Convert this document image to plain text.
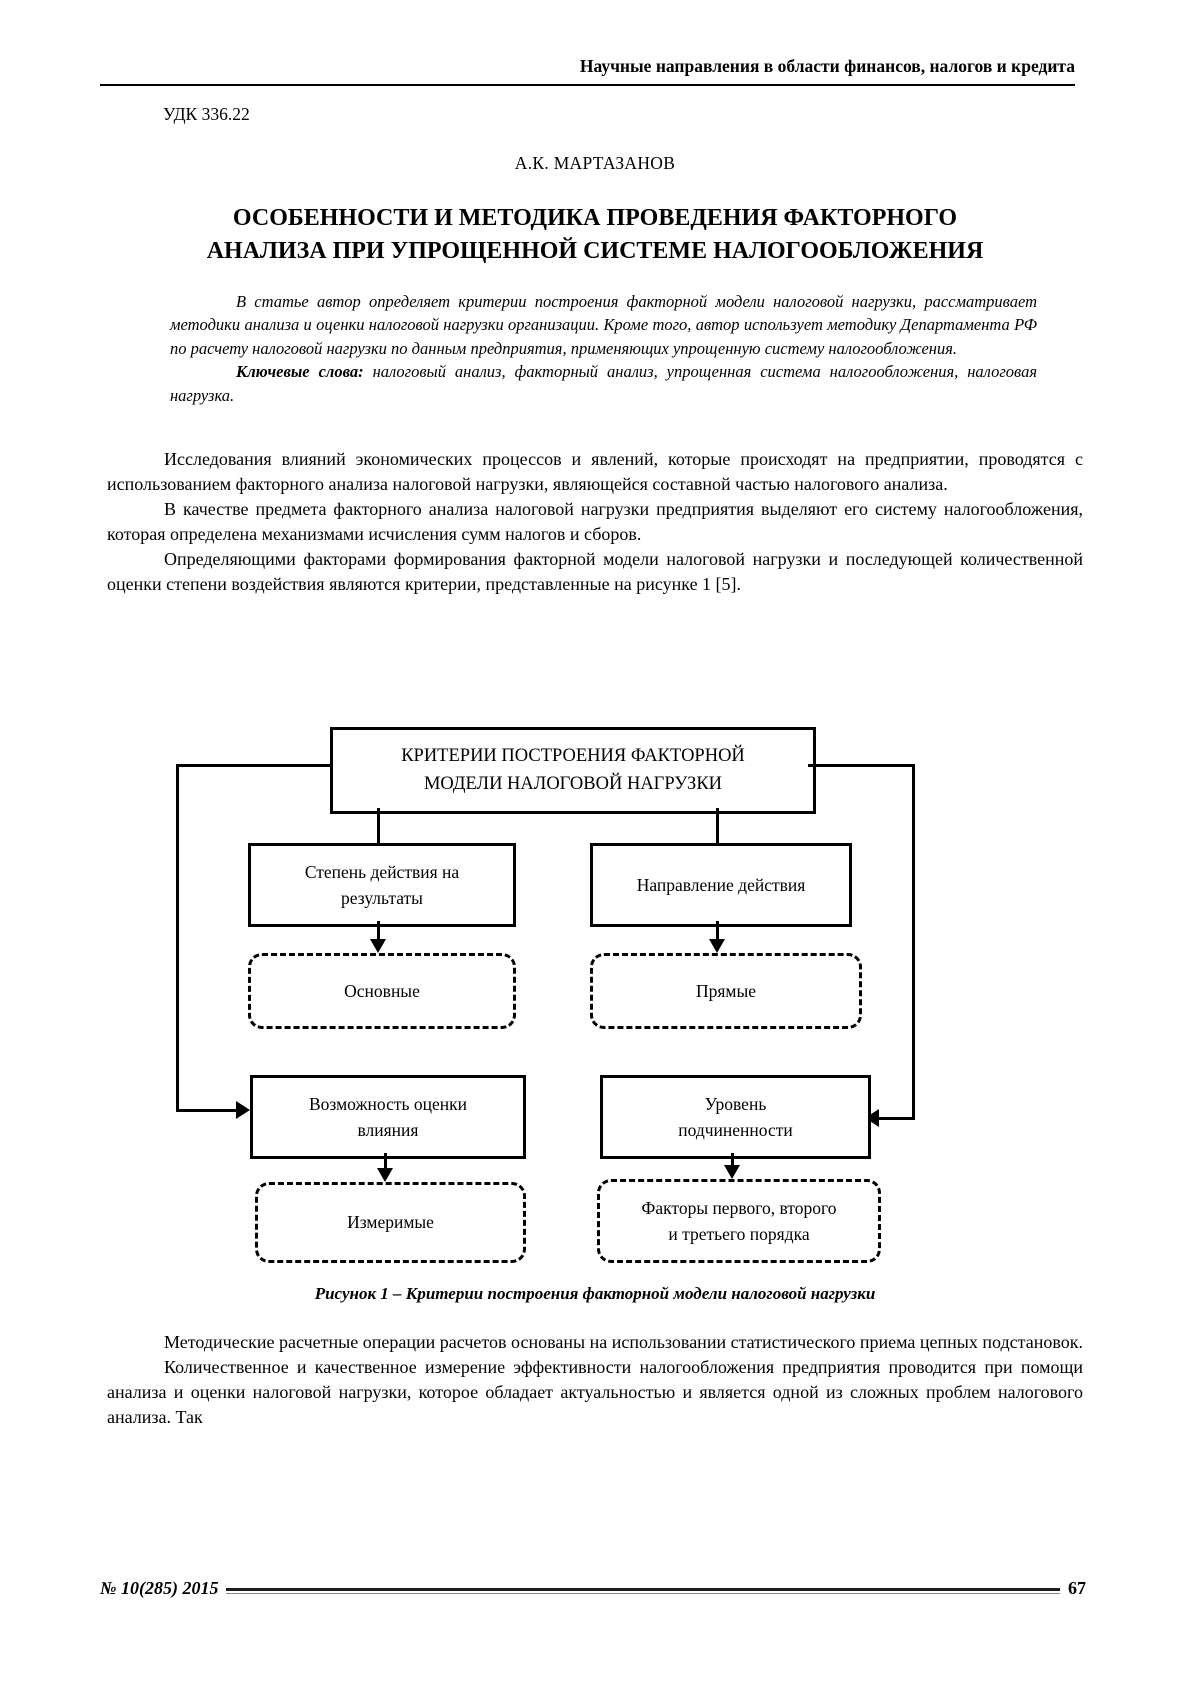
Научные направления в области финансов, налогов и кредита
УДК 336.22
А.К. МАРТАЗАНОВ
ОСОБЕННОСТИ И МЕТОДИКА ПРОВЕДЕНИЯ ФАКТОРНОГО
АНАЛИЗА ПРИ УПРОЩЕННОЙ СИСТЕМЕ НАЛОГООБЛОЖЕНИЯ

В статье автор определяет критерии построения факторной модели налоговой нагрузки, рассматривает методики анализа и оценки налоговой нагрузки организации. Кроме того, автор использует методику Департамента РФ по расчету налоговой нагрузки по данным предприятия, применяющих упрощенную систему налогообложения.

Ключевые слова: налоговый анализ, факторный анализ, упрощенная система налогообложения, налоговая нагрузка.

Исследования влияний экономических процессов и явлений, которые происходят на предприятии, проводятся с использованием факторного анализа налоговой нагрузки, являющейся составной частью налогового анализа.

В качестве предмета факторного анализа налоговой нагрузки предприятия выделяют его систему налогообложения, которая определена механизмами исчисления сумм налогов и сборов.

Определяющими факторами формирования факторной модели налоговой нагрузки и последующей количественной оценки степени воздействия являются критерии, представленные на рисунке 1 [5].

КРИТЕРИИ ПОСТРОЕНИЯ ФАКТОРНОЙ
МОДЕЛИ НАЛОГОВОЙ НАГРУЗКИ
Степень действия на
результаты
Направление действия
Основные	Прямые
Возможность оценки
влияния
Уровень
подчиненности
Измеримые
Факторы первого, второго
и третьего порядка
Рисунок 1 – Критерии построения факторной модели налоговой нагрузки

Методические расчетные операции расчетов основаны на использовании статистического приема цепных подстановок.

Количественное и качественное измерение эффективности налогообложения предприятия проводится при помощи анализа и оценки налоговой нагрузки, которое обладает актуальностью и является одной из сложных проблем налогового анализа. Так

№ 10(285) 2015	67
